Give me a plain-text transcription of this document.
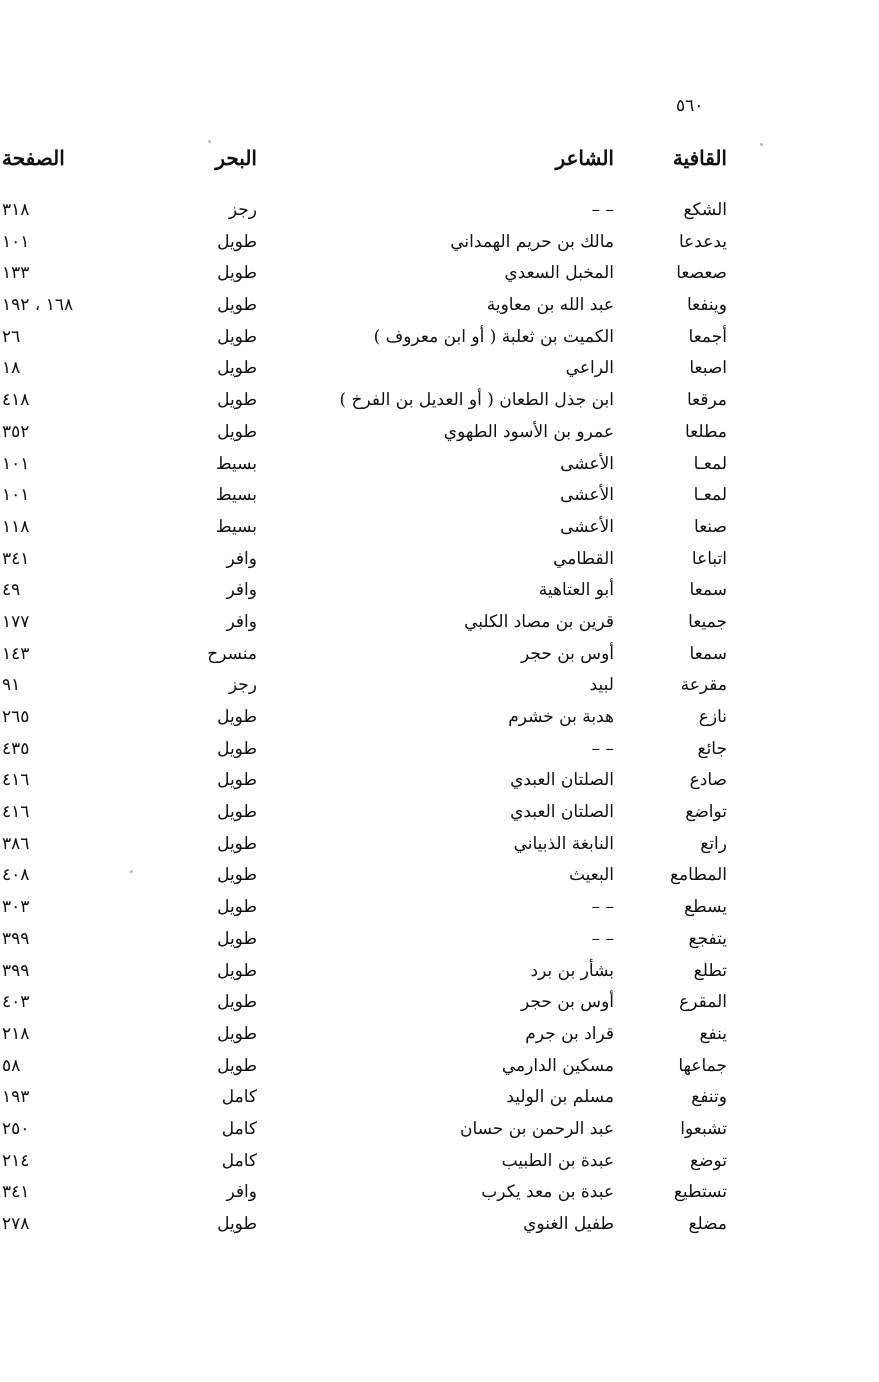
٥٦٠
القافية
الشاعر
البحر
الصفحة
الشكع
– –
رجز
٣١٨
يدعدعا
مالك بن حريم الهمداني
طويل
١٠١
صعصعا
المخبل السعدي
طويل
١٣٣
وينفعا
عبد الله بن معاوية
طويل
١٦٨ ، ١٩٢
أجمعا
الكميت بن ثعلبة ( أو ابن معروف )
طويل
٢٦
اصبعا
الراعي
طويل
١٨
مرقعا
ابن جذل الطعان ( أو العديل بن الفرخ )
طويل
٤١٨
مطلعا
عمرو بن الأسود الطهوي
طويل
٣٥٢
لمعـا
الأعشى
بسيط
١٠١
لمعـا
الأعشى
بسيط
١٠١
صنعا
الأعشى
بسيط
١١٨
اتباعا
القطامي
وافر
٣٤١
سمعا
أبو العتاهية
وافر
٤٩
جميعا
قرين بن مصاد الكلبي
وافر
١٧٧
سمعا
أوس بن حجر
منسرح
١٤٣
مقرعة
لبيد
رجز
٩١
نازع
هدبة بن خشرم
طويل
٢٦٥
جائع
– –
طويل
٤٣٥
صادع
الصلتان العبدي
طويل
٤١٦
تواضع
الصلتان العبدي
طويل
٤١٦
راتع
النابغة الذبياني
طويل
٣٨٦
المطامع
البعيث
طويل
٤٠٨
يسطع
– –
طويل
٣٠٣
يتفجع
– –
طويل
٣٩٩
تطلع
بشأر بن برد
طويل
٣٩٩
المقرع
أوس بن حجر
طويل
٤٠٣
ينفع
قراد بن جرم
طويل
٢١٨
جماعها
مسكين الدارمي
طويل
٥٨
وتنفع
مسلم بن الوليد
كامل
١٩٣
تشبعوا
عبد الرحمن بن حسان
كامل
٢٥٠
توضع
عبدة بن الطبيب
كامل
٢١٤
تستطيع
عبدة بن معد يكرب
وافر
٣٤١
مضلع
طفيل الغنوي
طويل
٢٧٨
